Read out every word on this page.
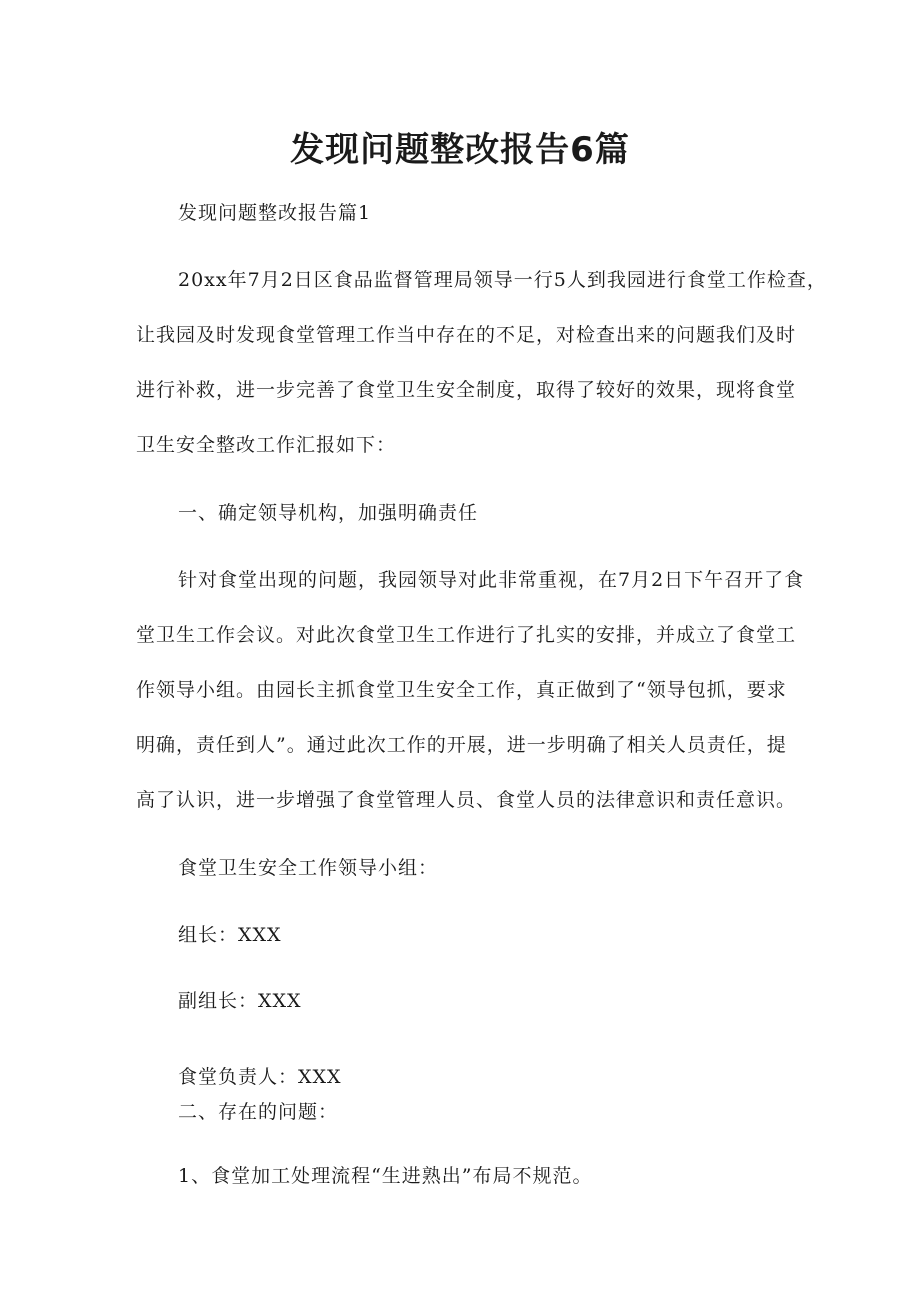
发现问题整改报告6篇
发现问题整改报告篇1
20xx年7月2日区食品监督管理局领导一行5人到我园进行食堂工作检查，
让我园及时发现食堂管理工作当中存在的不足，对检查出来的问题我们及时
进行补救，进一步完善了食堂卫生安全制度，取得了较好的效果，现将食堂
卫生安全整改工作汇报如下：
一、确定领导机构，加强明确责任
针对食堂出现的问题，我园领导对此非常重视，在7月2日下午召开了食
堂卫生工作会议。对此次食堂卫生工作进行了扎实的安排，并成立了食堂工
作领导小组。由园长主抓食堂卫生安全工作，真正做到了“领导包抓，要求
明确，责任到人”。通过此次工作的开展，进一步明确了相关人员责任，提
高了认识，进一步增强了食堂管理人员、食堂人员的法律意识和责任意识。
食堂卫生安全工作领导小组：
组长：XXX
副组长：XXX
食堂负责人：XXX
二、存在的问题：
1、食堂加工处理流程“生进熟出”布局不规范。
